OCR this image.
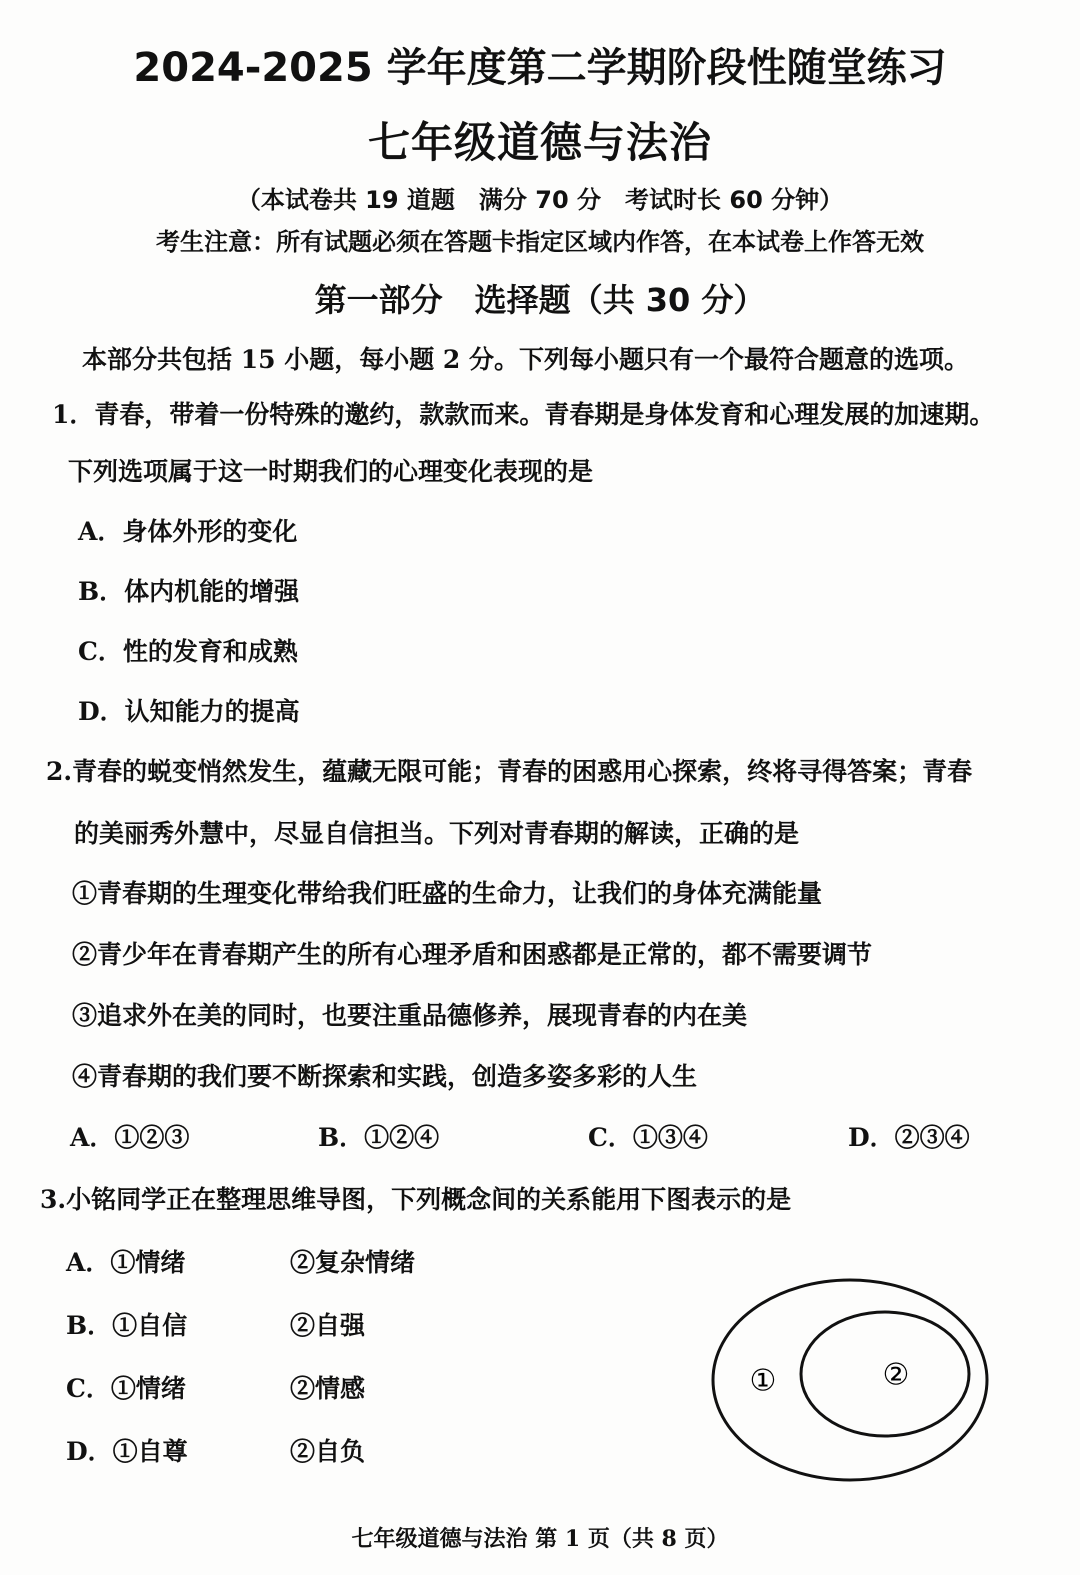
2024-2025 学年度第二学期阶段性随堂练习
七年级道德与法治
（本试卷共 19 道题　满分 70 分　考试时长 60 分钟）
考生注意：所有试题必须在答题卡指定区域内作答，在本试卷上作答无效
第一部分　选择题（共 30 分）
本部分共包括 15 小题，每小题 2 分。下列每小题只有一个最符合题意的选项。
1．青春，带着一份特殊的邀约，款款而来。青春期是身体发育和心理发展的加速期。
下列选项属于这一时期我们的心理变化表现的是
A．身体外形的变化
B．体内机能的增强
C．性的发育和成熟
D．认知能力的提高
2.青春的蜕变悄然发生，蕴藏无限可能；青春的困惑用心探索，终将寻得答案；青春
的美丽秀外慧中，尽显自信担当。下列对青春期的解读，正确的是
①青春期的生理变化带给我们旺盛的生命力，让我们的身体充满能量
②青少年在青春期产生的所有心理矛盾和困惑都是正常的，都不需要调节
③追求外在美的同时，也要注重品德修养，展现青春的内在美
④青春期的我们要不断探索和实践，创造多姿多彩的人生
A．①②③	B．①②④	C．①③④	D．②③④
3.小铭同学正在整理思维导图，下列概念间的关系能用下图表示的是
A．①情绪	②复杂情绪
B．①自信	②自强
C．①情绪	②情感
D．①自尊	②自负
①	②
七年级道德与法治 第 1 页（共 8 页）
